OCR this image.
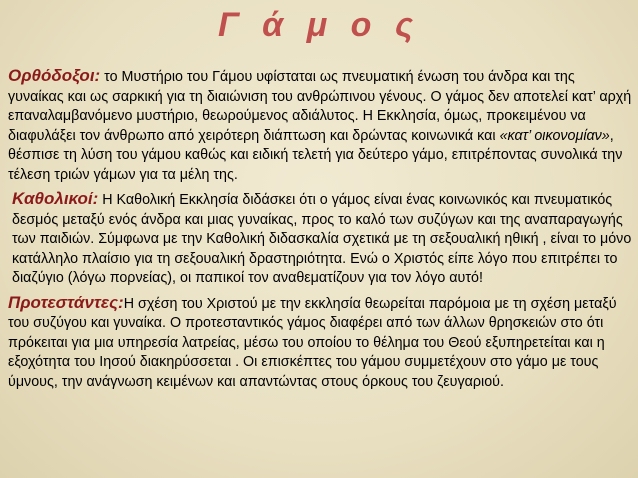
Γ ά μ ο ς

Ορθόδοξοι: το Μυστήριο του Γάμου υφίσταται ως πνευματική ένωση του άνδρα και της γυναίκας και ως σαρκική για τη διαιώνιση του ανθρώπινου γένους. Ο γάμος δεν αποτελεί κατ’ αρχή επαναλαμβανόμενο μυστήριο, θεωρούμενος αδιάλυτος. Η Εκκλησία, όμως, προκειμένου να διαφυλάξει τον άνθρωπο από χειρότερη διάπτωση και δρώντας κοινωνικά και «κατ’ οικονομίαν», θέσπισε τη λύση του γάμου καθώς και ειδική τελετή για δεύτερο γάμο, επιτρέποντας συνολικά την τέλεση τριών γάμων για τα μέλη της.

Καθολικοί: Η Καθολική Εκκλησία διδάσκει ότι ο γάμος είναι ένας κοινωνικός και πνευματικός δεσμός μεταξύ ενός άνδρα και μιας γυναίκας, προς το καλό των συζύγων και της αναπαραγωγής των παιδιών. Σύμφωνα με την Καθολική διδασκαλία σχετικά με τη σεξουαλική ηθική , είναι το μόνο κατάλληλο πλαίσιο για τη σεξουαλική δραστηριότητα. Ενώ ο Χριστός είπε λόγο που επιτρέπει το διαζύγιο (λόγω πορνείας), οι παπικοί τον αναθεματίζουν για τον λόγο αυτό!

Προτεστάντες:Η σχέση του Χριστού με την εκκλησία θεωρείται παρόμοια με τη σχέση μεταξύ του συζύγου και γυναίκα. Ο προτεσταντικός γάμος διαφέρει από των άλλων θρησκειών στο ότι πρόκειται για μια υπηρεσία λατρείας, μέσω του οποίου το θέλημα του Θεού εξυπηρετείται και η εξοχότητα του Ιησού διακηρύσσεται . Οι επισκέπτες του γάμου συμμετέχουν στο γάμο με τους ύμνους, την ανάγνωση κειμένων και απαντώντας στους όρκους του ζευγαριού.
